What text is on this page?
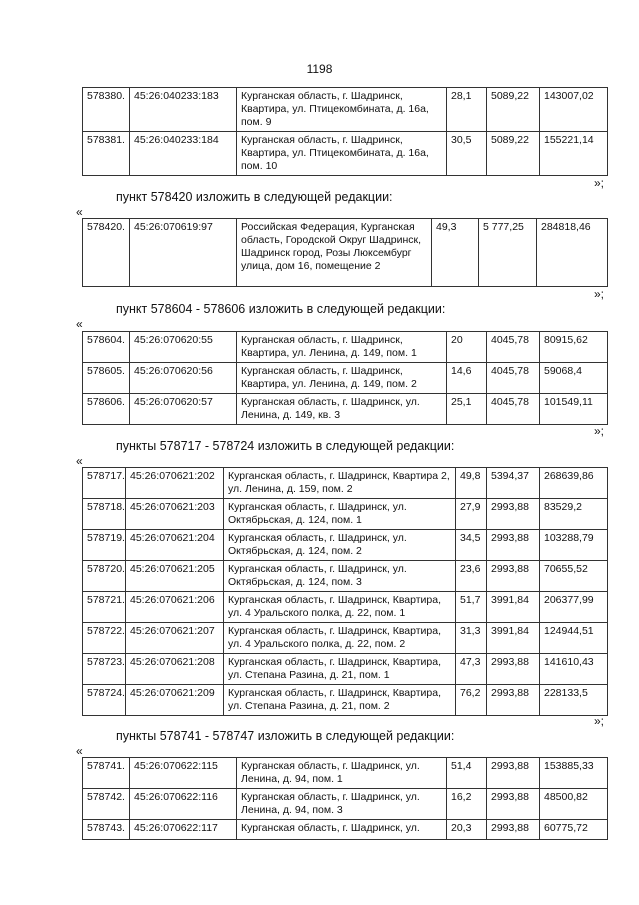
1198
578380.	45:26:040233:183	Курганская область, г. Шадринск, Квартира, ул. Птицекомбината, д. 16а, пом. 9	28,1	5089,22	143007,02
578381.	45:26:040233:184	Курганская область, г. Шадринск, Квартира, ул. Птицекомбината, д. 16а, пом. 10	30,5	5089,22	155221,14
»;
пункт 578420 изложить в следующей редакции:
«
578420.	45:26:070619:97	Российская Федерация, Курганская область, Городской Округ Шадринск, Шадринск город, Розы Люксембург улица, дом 16, помещение 2	49,3	5 777,25	284818,46
»;
пункт 578604 - 578606 изложить в следующей редакции:
«
578604.	45:26:070620:55	Курганская область, г. Шадринск, Квартира, ул. Ленина, д. 149, пом. 1	20	4045,78	80915,62
578605.	45:26:070620:56	Курганская область, г. Шадринск, Квартира, ул. Ленина, д. 149, пом. 2	14,6	4045,78	59068,4
578606.	45:26:070620:57	Курганская область, г. Шадринск, ул. Ленина, д. 149, кв. 3	25,1	4045,78	101549,11
»;
пункты 578717 - 578724 изложить в следующей редакции:
«
578717.	45:26:070621:202	Курганская область, г. Шадринск, Квартира 2, ул. Ленина, д. 159, пом. 2	49,8	5394,37	268639,86
578718.	45:26:070621:203	Курганская область, г. Шадринск, ул. Октябрьская, д. 124, пом. 1	27,9	2993,88	83529,2
578719.	45:26:070621:204	Курганская область, г. Шадринск, ул. Октябрьская, д. 124, пом. 2	34,5	2993,88	103288,79
578720.	45:26:070621:205	Курганская область, г. Шадринск, ул. Октябрьская, д. 124, пом. 3	23,6	2993,88	70655,52
578721.	45:26:070621:206	Курганская область, г. Шадринск, Квартира, ул. 4 Уральского полка, д. 22, пом. 1	51,7	3991,84	206377,99
578722.	45:26:070621:207	Курганская область, г. Шадринск, Квартира, ул. 4 Уральского полка, д. 22, пом. 2	31,3	3991,84	124944,51
578723.	45:26:070621:208	Курганская область, г. Шадринск, Квартира, ул. Степана Разина, д. 21, пом. 1	47,3	2993,88	141610,43
578724.	45:26:070621:209	Курганская область, г. Шадринск, Квартира, ул. Степана Разина, д. 21, пом. 2	76,2	2993,88	228133,5
»;
пункты 578741 - 578747 изложить в следующей редакции:
«
578741.	45:26:070622:115	Курганская область, г. Шадринск, ул. Ленина, д. 94, пом. 1	51,4	2993,88	153885,33
578742.	45:26:070622:116	Курганская область, г. Шадринск, ул. Ленина, д. 94, пом. 3	16,2	2993,88	48500,82
578743.	45:26:070622:117	Курганская область, г. Шадринск, ул.	20,3	2993,88	60775,72
